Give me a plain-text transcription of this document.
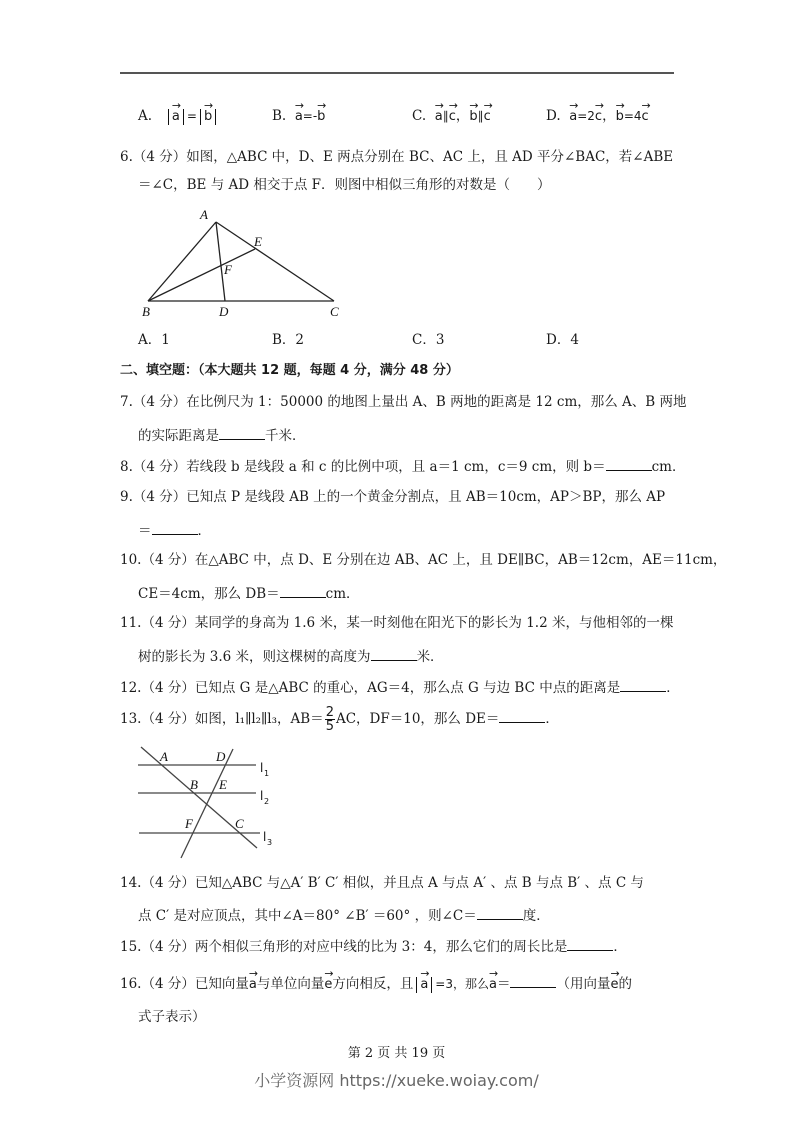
A. → a = → b	B. → a=-→ b	C. → a∥→ c，→ b∥→ c	D. → a=2→ c，→ b=4→ c
6.（4 分）如图，△ABC 中，D、E 两点分别在 BC、AC 上，且 AD 平分∠BAC，若∠ABE
＝∠C，BE 与 AD 相交于点 F．则图中相似三角形的对数是（　　）
A
E
F
B	D	C
A．1	B．2	C．3	D．4
二、填空题：（本大题共 12 题，每题 4 分，满分 48 分）
7.（4 分）在比例尺为 1：50000 的地图上量出 A、B 两地的距离是 12 cm，那么 A、B 两地
的实际距离是	千米．
8.（4 分）若线段 b 是线段 a 和 c 的比例中项，且 a＝1 cm，c＝9 cm，则 b＝	cm．
9.（4 分）已知点 P 是线段 AB 上的一个黄金分割点，且 AB＝10cm，AP＞BP，那么 AP
＝	．
10.（4 分）在△ABC 中，点 D、E 分别在边 AB、AC 上，且 DE∥BC，AB＝12cm，AE＝11cm，
CE＝4cm，那么 DB＝	cm．
11.（4 分）某同学的身高为 1.6 米，某一时刻他在阳光下的影长为 1.2 米，与他相邻的一棵
树的影长为 3.6 米，则这棵树的高度为	米．
12.（4 分）已知点 G 是△ABC 的重心，AG＝4，那么点 G 与边 BC 中点的距离是	．
13.（4 分）如图，l₁∥l₂∥l₃，$AB= \frac{2}{5}$ AC，DF＝10，那么 DE＝	．
A	D
B E
F	C
l 1
l 2
l 3
14.（4 分）已知△ABC 与△A′ B′ C′ 相似，并且点 A 与点 A′ 、点 B 与点 B′ 、点 C 与
点 C′ 是对应顶点，其中∠A＝80° ∠B′ ＝60° ，则∠C＝	度．
15.（4 分）两个相似三角形的对应中线的比为 3：4，那么它们的周长比是	．
16.（4 分）已知向量→ a与单位向量→ e方向相反，且 → a =3，那么→ a＝	（用向量→ e的
式子表示）
第 2 页 共 19 页
小学资源网 https://xueke.woiay.com/
